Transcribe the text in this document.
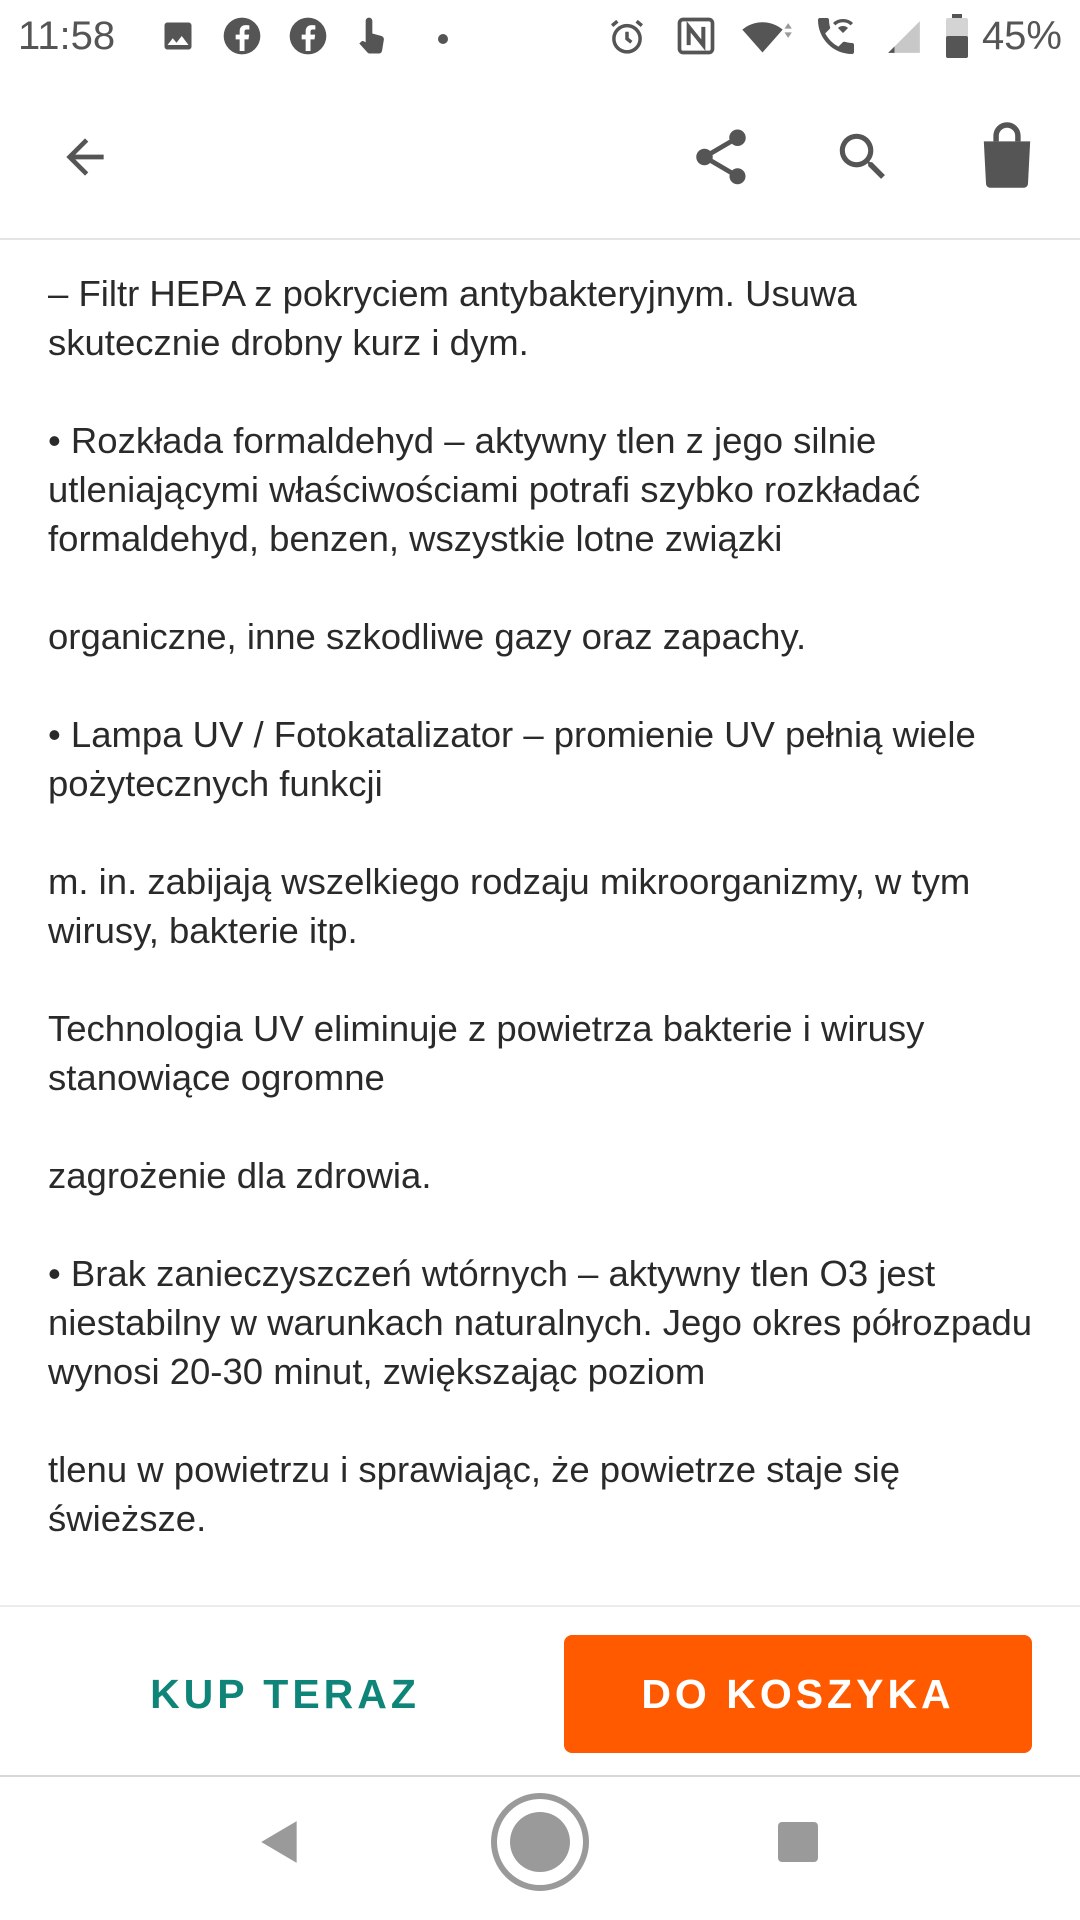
11:58	45%

– Filtr HEPA z pokryciem antybakteryjnym. Usuwa skutecznie drobny kurz i dym.

• Rozkłada formaldehyd – aktywny tlen z jego silnie utleniającymi właściwościami potrafi szybko rozkładać formaldehyd, benzen, wszystkie lotne związki

organiczne, inne szkodliwe gazy oraz zapachy.

• Lampa UV / Fotokatalizator – promienie UV pełnią wiele pożytecznych funkcji

m. in. zabijają wszelkiego rodzaju mikroorganizmy, w tym wirusy, bakterie itp.

Technologia UV eliminuje z powietrza bakterie i wirusy stanowiące ogromne

zagrożenie dla zdrowia.

• Brak zanieczyszczeń wtórnych – aktywny tlen O3 jest niestabilny w warunkach naturalnych. Jego okres półrozpadu wynosi 20-30 minut, zwiększając poziom

tlenu w powietrzu i sprawiając, że powietrze staje się świeższe.

KUP TERAZ	DO KOSZYKA
